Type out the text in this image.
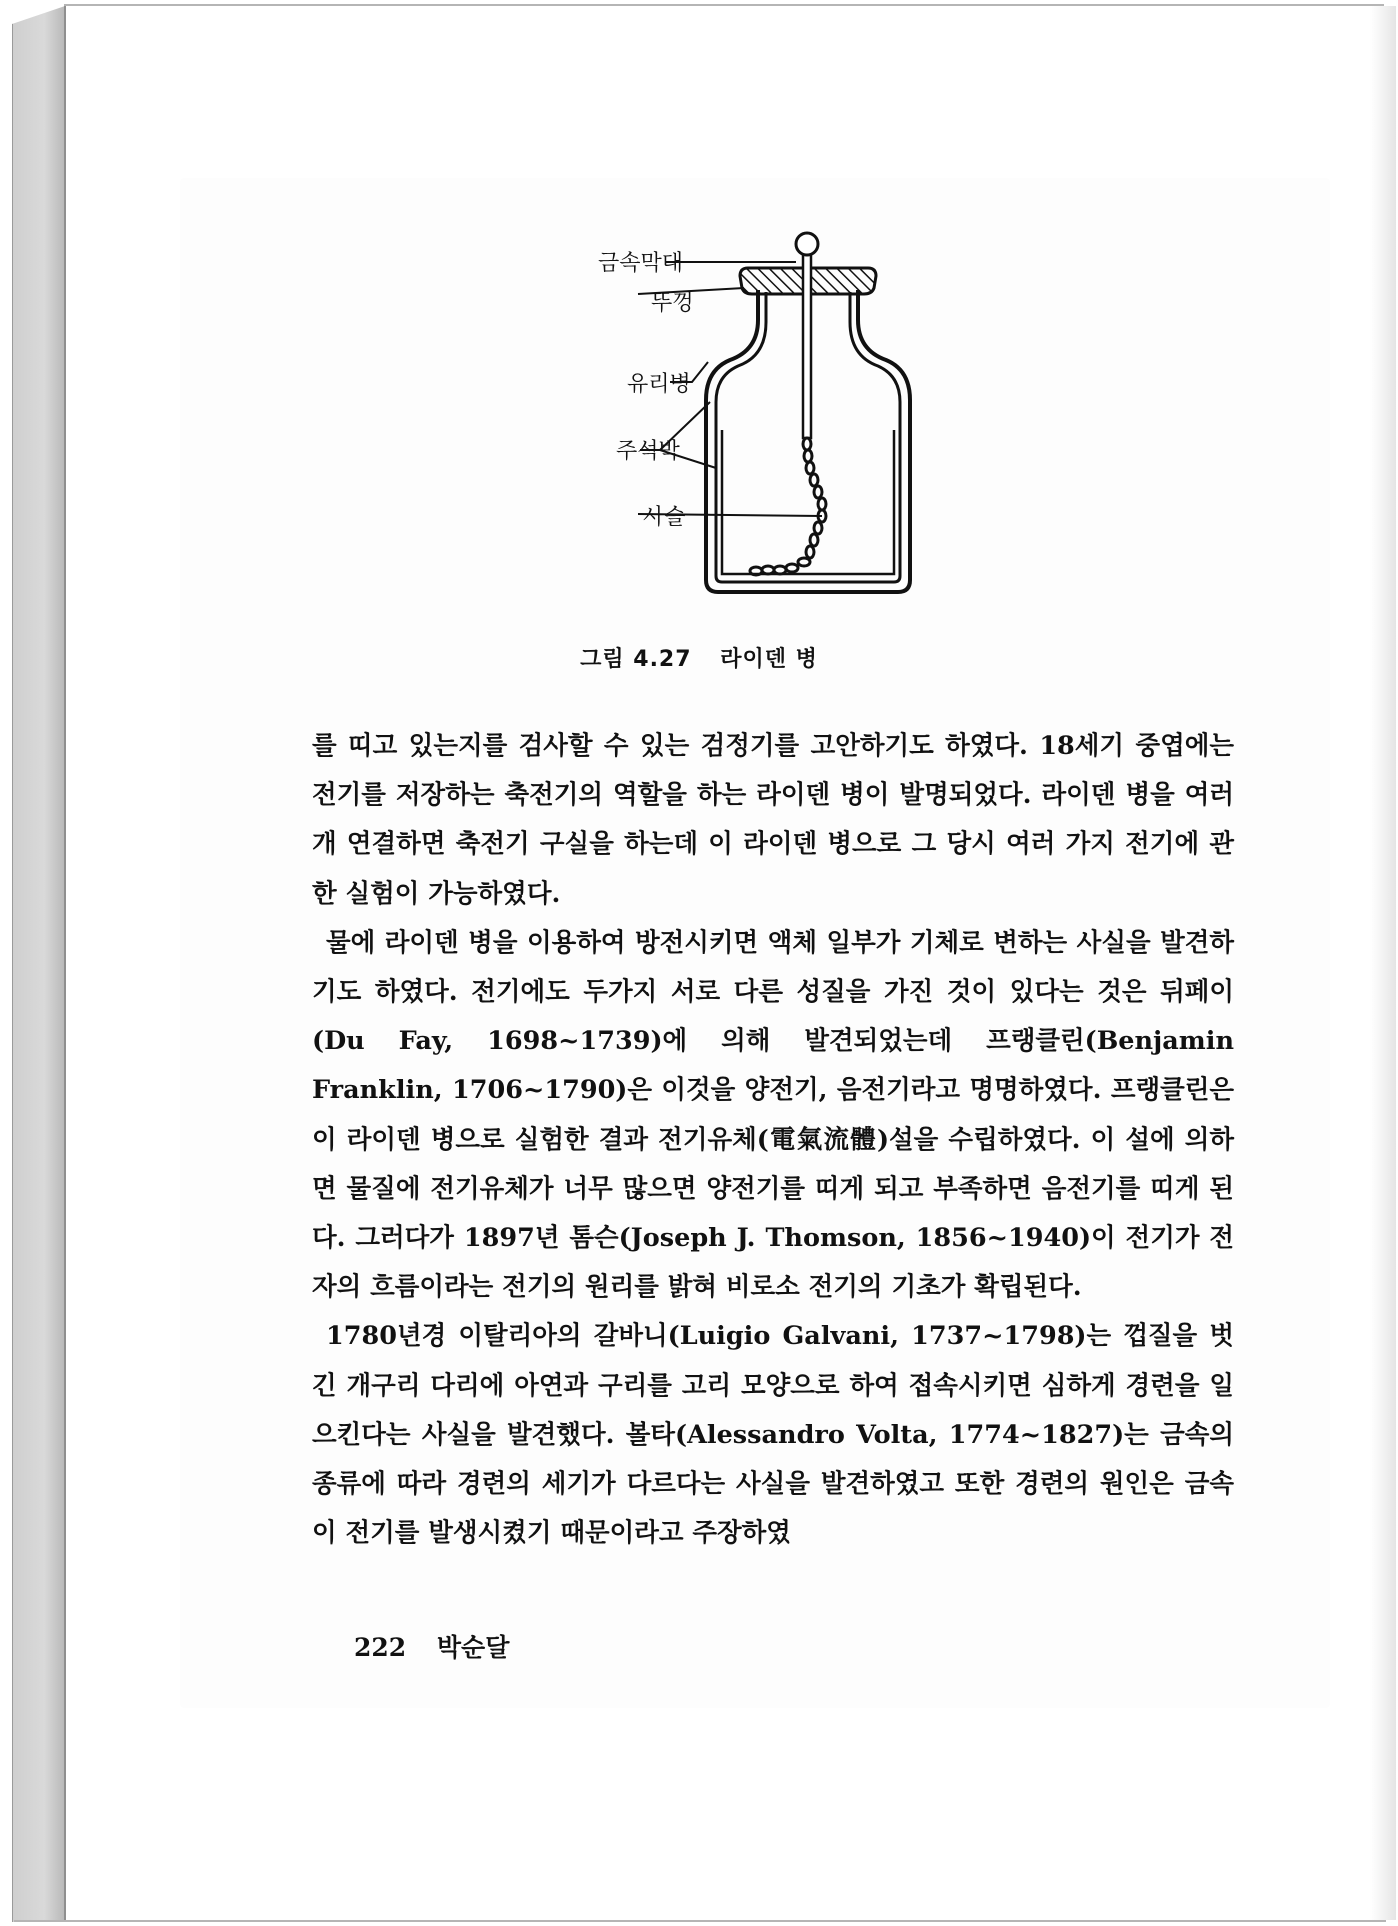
금속막대
뚜껑
유리병
주석박
사슬
그림 4.27 라이덴 병

를 띠고 있는지를 검사할 수 있는 검정기를 고안하기도 하였다. 18세기 중엽에는 전기를 저장하는 축전기의 역할을 하는 라이덴 병이 발명되었다. 라이덴 병을 여러 개 연결하면 축전기 구실을 하는데 이 라이덴 병으로 그 당시 여러 가지 전기에 관한 실험이 가능하였다.

물에 라이덴 병을 이용하여 방전시키면 액체 일부가 기체로 변하는 사실을 발견하기도 하였다. 전기에도 두가지 서로 다른 성질을 가진 것이 있다는 것은 뒤페이(Du Fay, 1698~1739)에 의해 발견되었는데 프랭클린(Benjamin Franklin, 1706~1790)은 이것을 양전기, 음전기라고 명명하였다. 프랭클린은 이 라이덴 병으로 실험한 결과 전기유체(電氣流體)설을 수립하였다. 이 설에 의하면 물질에 전기유체가 너무 많으면 양전기를 띠게 되고 부족하면 음전기를 띠게 된다. 그러다가 1897년 톰슨(Joseph J. Thomson, 1856~1940)이 전기가 전자의 흐름이라는 전기의 원리를 밝혀 비로소 전기의 기초가 확립된다.

1780년경 이탈리아의 갈바니(Luigio Galvani, 1737~1798)는 껍질을 벗긴 개구리 다리에 아연과 구리를 고리 모양으로 하여 접속시키면 심하게 경련을 일으킨다는 사실을 발견했다. 볼타(Alessandro Volta, 1774~1827)는 금속의 종류에 따라 경련의 세기가 다르다는 사실을 발견하였고 또한 경련의 원인은 금속이 전기를 발생시켰기 때문이라고 주장하였

222 박순달
